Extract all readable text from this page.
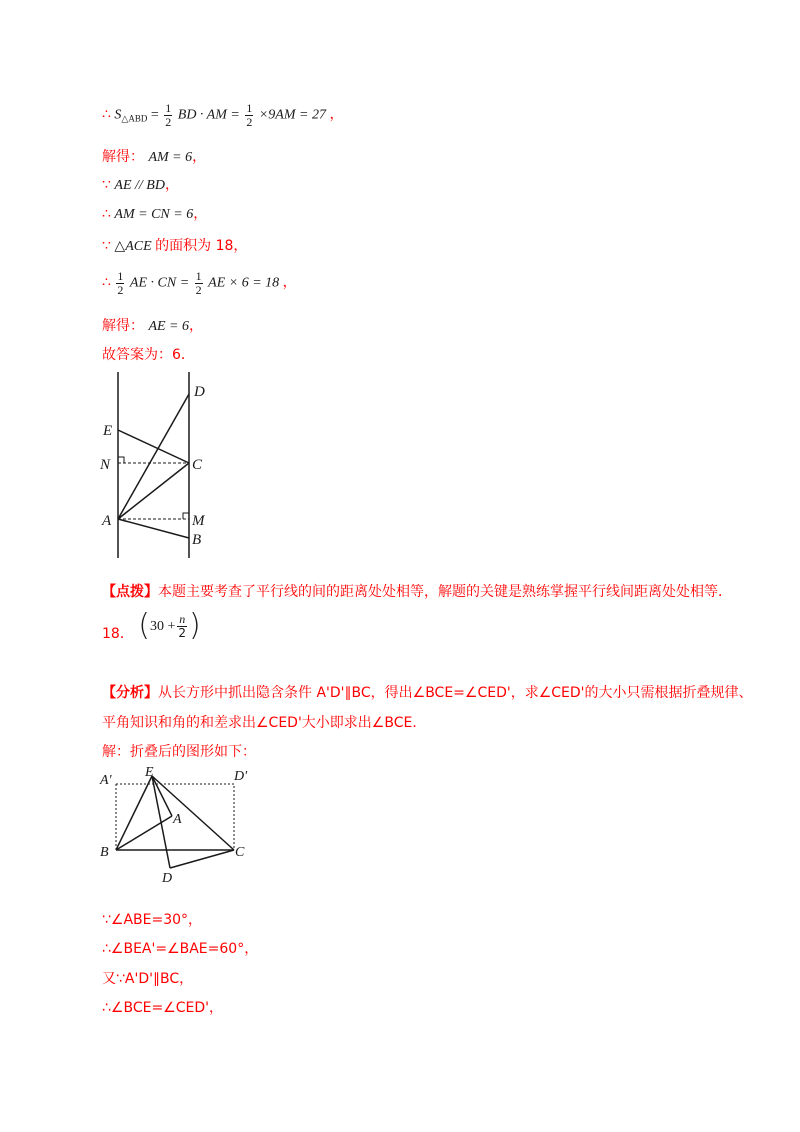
∴ $S_{\triangle ABD} = \frac{1}{2}$ BD · AM = $\frac{1}{2} \times 9AM = 27$ ，
解得： AM = 6，
∵ AE // BD，
∴ AM = CN = 6，
∵ △ACE 的面积为 18，
∴ $\frac{1}{2}$ AE · CN = $\frac{1}{2}$ AE × 6 = 18 ，
解得： AE = 6，
故答案为：6．
D
E
N	C
A	M
B
【点拨】本题主要考查了平行线的间的距离处处相等，解题的关键是熟练掌握平行线间距离处处相等．
18． ($30 + \frac{n}{2}$ )
【分析】从长方形中抓出隐含条件 A'D'∥BC，得出∠BCE=∠CED'，求∠CED'的大小只需根据折叠规律、
平角知识和角的和差求出∠CED'大小即求出∠BCE．
解：折叠后的图形如下：
A'
E	D'
A
B	C
D
∵∠ABE=30°，
∴∠BEA'=∠BAE=60°，
又∵A'D'∥BC，
∴∠BCE=∠CED'，
